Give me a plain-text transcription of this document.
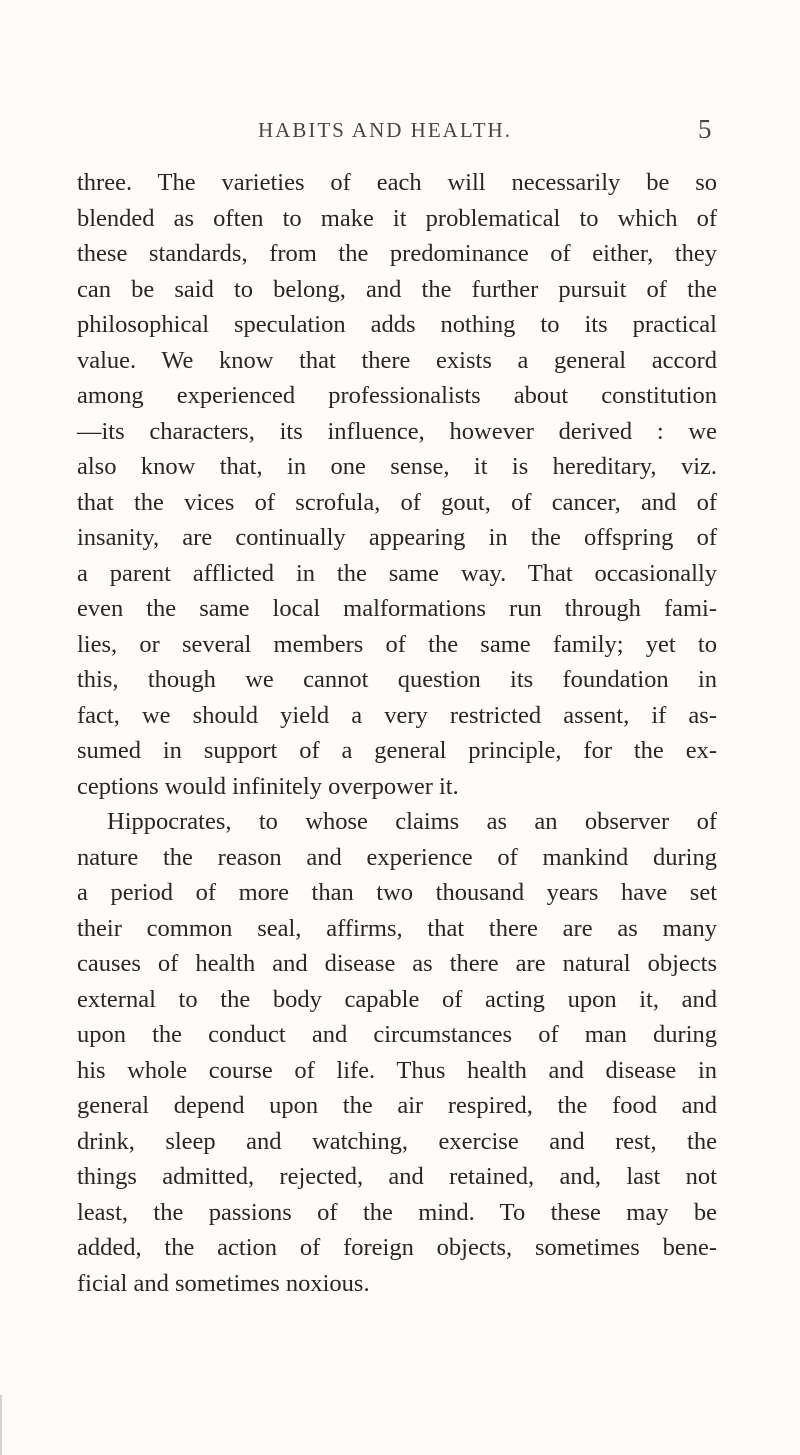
HABITS AND HEALTH.	5
three. The varieties of each will necessarily be so
blended as often to make it problematical to which of
these standards, from the predominance of either, they
can be said to belong, and the further pursuit of the
philosophical speculation adds nothing to its practical
value. We know that there exists a general accord
among experienced professionalists about constitution
—its characters, its influence, however derived : we
also know that, in one sense, it is hereditary, viz.
that the vices of scrofula, of gout, of cancer, and of
insanity, are continually appearing in the offspring of
a parent afflicted in the same way. That occasionally
even the same local malformations run through fami-
lies, or several members of the same family; yet to
this, though we cannot question its foundation in
fact, we should yield a very restricted assent, if as-
sumed in support of a general principle, for the ex-
ceptions would infinitely overpower it.
Hippocrates, to whose claims as an observer of
nature the reason and experience of mankind during
a period of more than two thousand years have set
their common seal, affirms, that there are as many
causes of health and disease as there are natural objects
external to the body capable of acting upon it, and
upon the conduct and circumstances of man during
his whole course of life. Thus health and disease in
general depend upon the air respired, the food and
drink, sleep and watching, exercise and rest, the
things admitted, rejected, and retained, and, last not
least, the passions of the mind. To these may be
added, the action of foreign objects, sometimes bene-
ficial and sometimes noxious.
